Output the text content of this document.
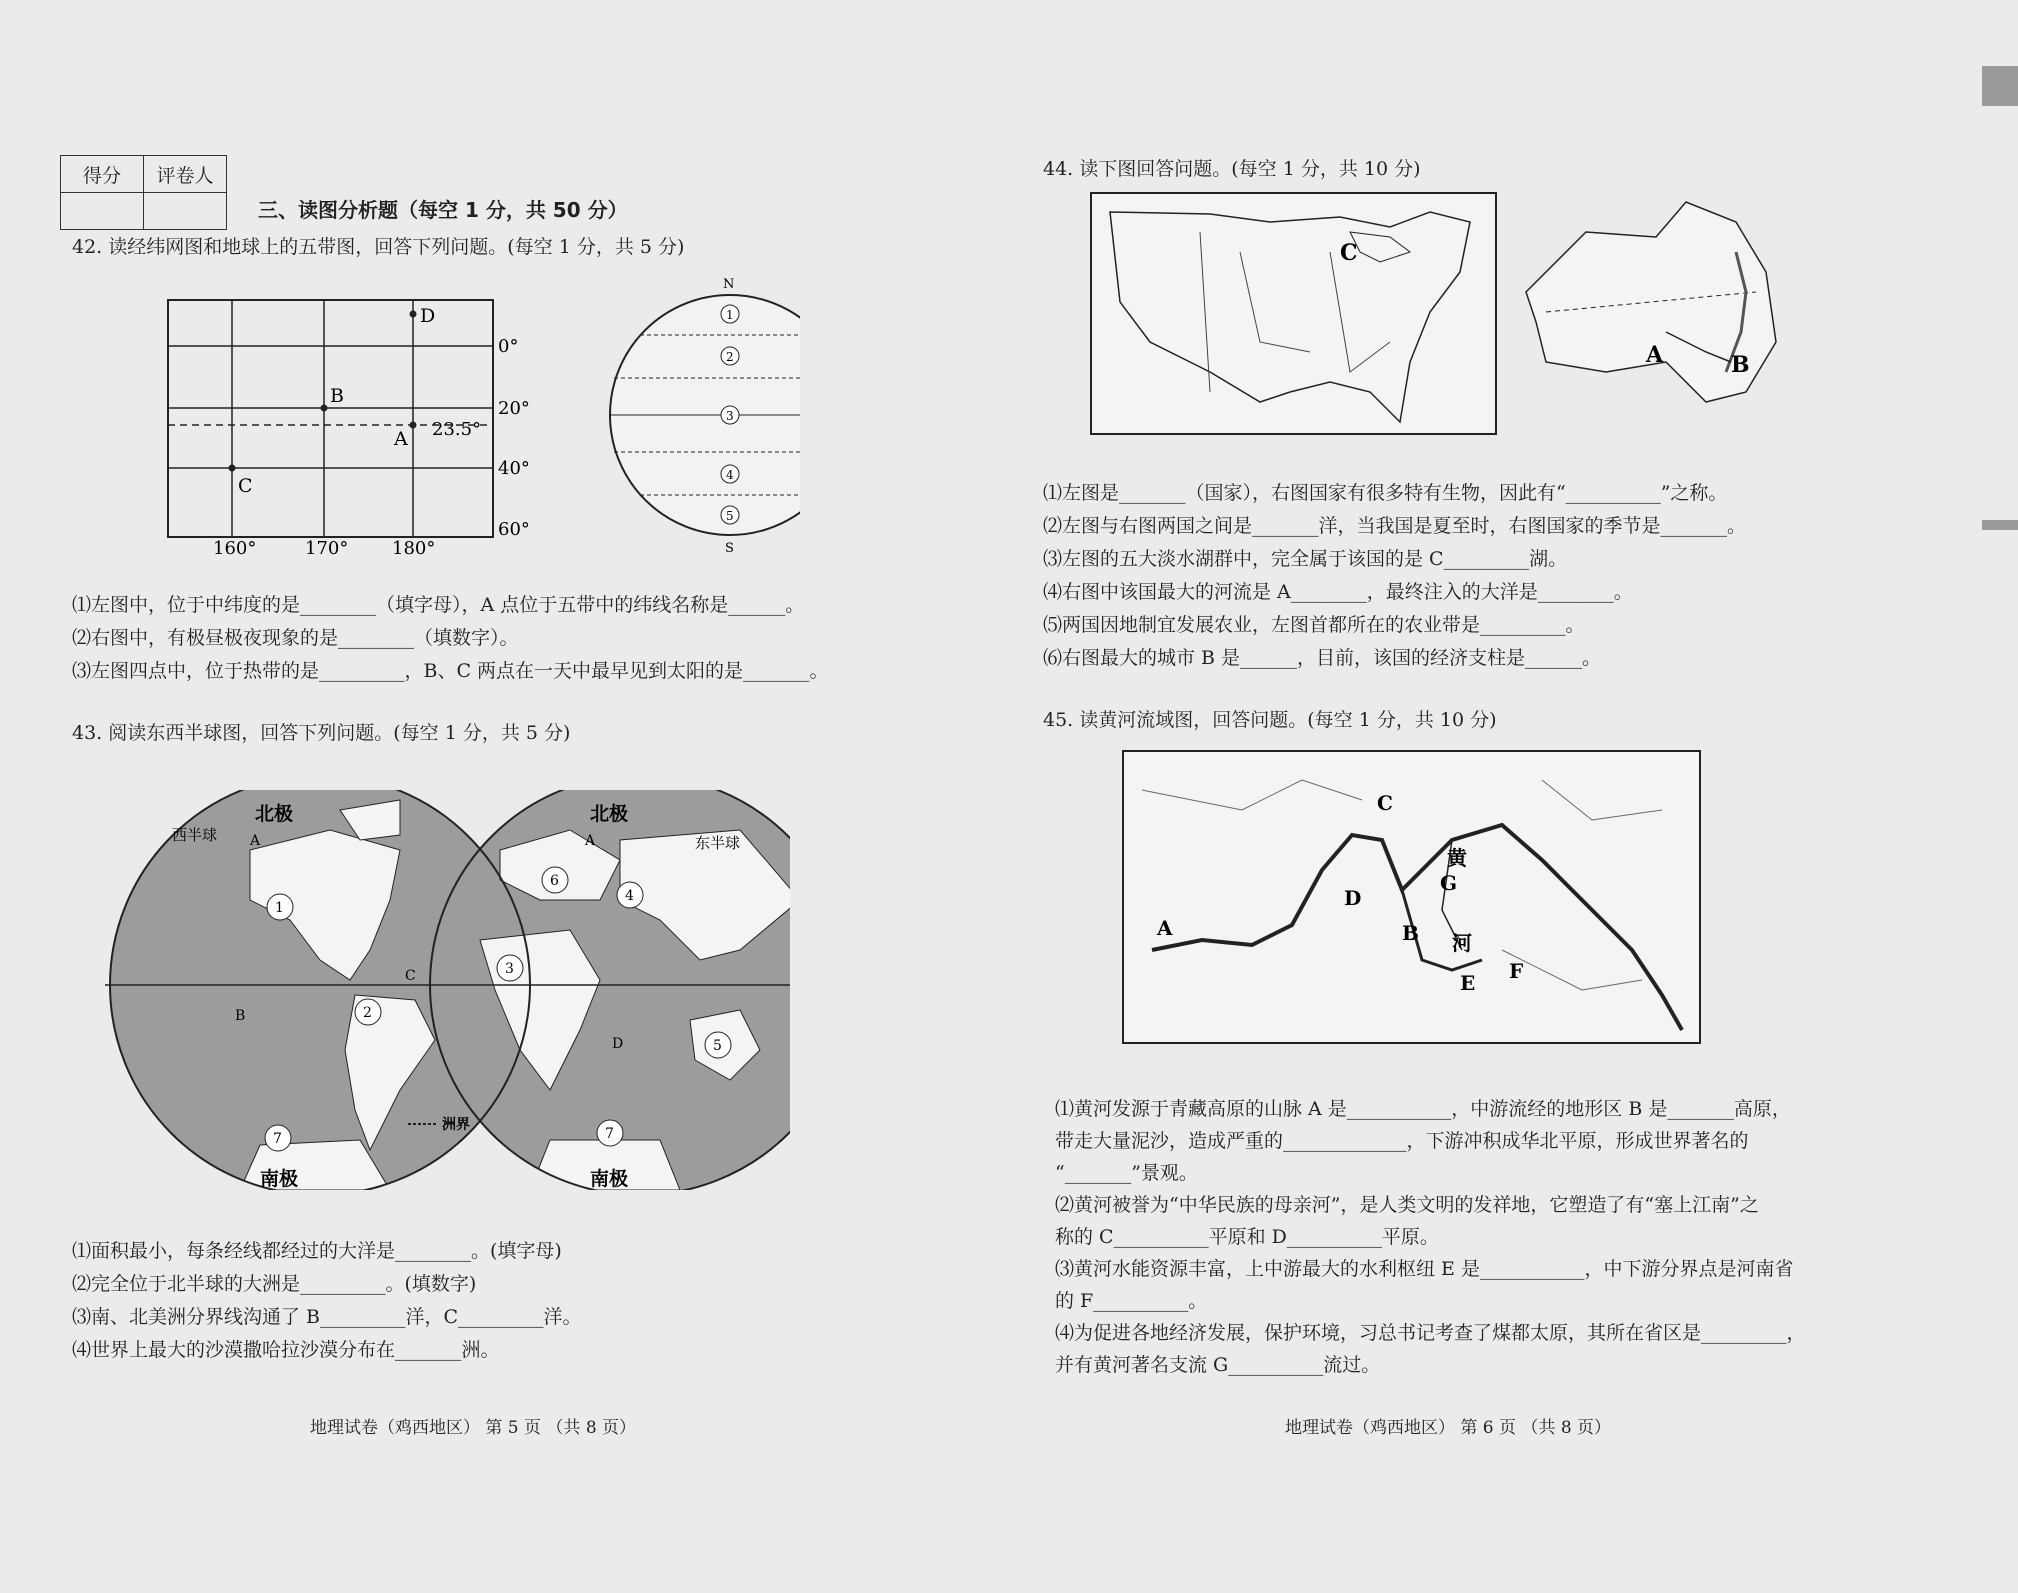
得分	评卷人

三、读图分析题（每空 1 分，共 50 分）
42. 读经纬网图和地球上的五带图，回答下列问题。(每空 1 分，共 5 分)
D
B
A
C
23.5°
0°
20°
40°
60°
160°	170° 180°
N
1
2
3
4
5
S
⑴左图中，位于中纬度的是________（填字母），A 点位于五带中的纬线名称是______。
⑵右图中，有极昼极夜现象的是________（填数字）。
⑶左图四点中，位于热带的是_________，B、C 两点在一天中最早见到太阳的是_______。
43. 阅读东西半球图，回答下列问题。(每空 1 分，共 5 分)
北极	北极
西半球	东半球
南极	南极
A	A
B
C
D
1
2
3
4
5
6
7	7
洲界
⑴面积最小，每条经线都经过的大洋是________。(填字母)
⑵完全位于北半球的大洲是_________。(填数字)
⑶南、北美洲分界线沟通了 B_________洋，C_________洋。
⑷世界上最大的沙漠撒哈拉沙漠分布在_______洲。
地理试卷（鸡西地区） 第 5 页 （共 8 页）
44. 读下图回答问题。(每空 1 分，共 10 分)
C
A	B
⑴左图是_______（国家），右图国家有很多特有生物，因此有“__________”之称。
⑵左图与右图两国之间是_______洋，当我国是夏至时，右图国家的季节是_______。
⑶左图的五大淡水湖群中，完全属于该国的是 C_________湖。
⑷右图中该国最大的河流是 A________，最终注入的大洋是________。
⑸两国因地制宜发展农业，左图首都所在的农业带是_________。
⑹右图最大的城市 B 是______，目前，该国的经济支柱是______。
45. 读黄河流域图，回答问题。(每空 1 分，共 10 分)
A	B
C
D
E F
G
黄
河
⑴黄河发源于青藏高原的山脉 A 是___________，中游流经的地形区 B 是_______高原，
带走大量泥沙，造成严重的_____________，下游冲积成华北平原，形成世界著名的
“_______”景观。
⑵黄河被誉为“中华民族的母亲河”，是人类文明的发祥地，它塑造了有“塞上江南”之
称的 C__________平原和 D__________平原。
⑶黄河水能资源丰富，上中游最大的水利枢纽 E 是___________，中下游分界点是河南省
的 F__________。
⑷为促进各地经济发展，保护环境，习总书记考查了煤都太原，其所在省区是_________，
并有黄河著名支流 G__________流过。
地理试卷（鸡西地区） 第 6 页 （共 8 页）
